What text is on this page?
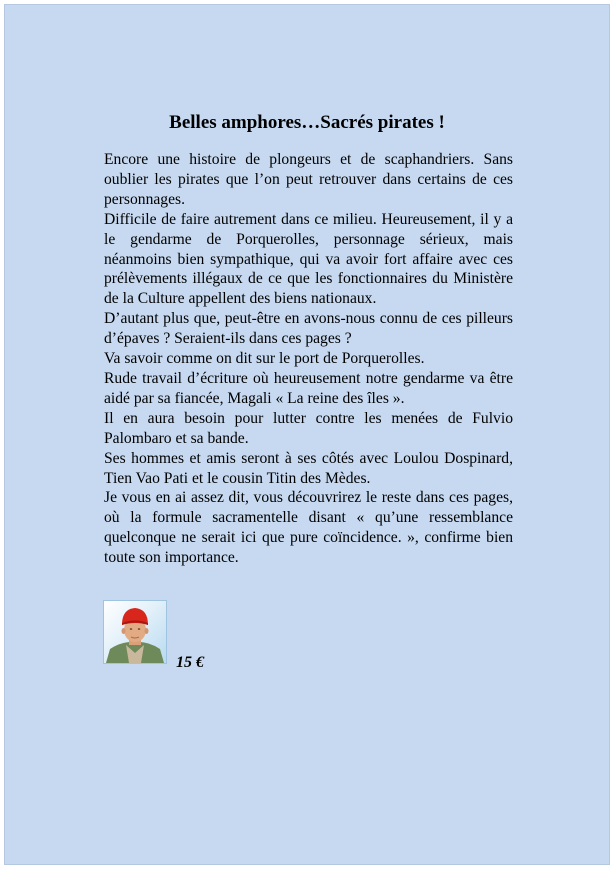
Belles amphores…Sacrés pirates !

Encore une histoire de plongeurs et de scaphandriers. Sans oublier les pirates que l’on peut retrouver dans certains de ces personnages.

Difficile de faire autrement dans ce milieu. Heureusement, il y a le gendarme de Porquerolles, personnage sérieux, mais néanmoins bien sympathique, qui va avoir fort affaire avec ces prélèvements illégaux de ce que les fonctionnaires du Ministère de la Culture appellent des biens nationaux.

D’autant plus que, peut-être en avons-nous connu de ces pilleurs d’épaves ? Seraient-ils dans ces pages ?

Va savoir comme on dit sur le port de Porquerolles.

Rude travail d’écriture où heureusement notre gendarme va être aidé par sa fiancée, Magali « La reine des îles ».

Il en aura besoin pour lutter contre les menées de Fulvio Palombaro et sa bande.

Ses hommes et amis seront à ses côtés avec Loulou Dospinard, Tien Vao Pati et le cousin Titin des Mèdes.

Je vous en ai assez dit, vous découvrirez le reste dans ces pages, où la formule sacramentelle disant « qu’une ressemblance quelconque ne serait ici que pure coïncidence. », confirme bien toute son importance.

15 €
